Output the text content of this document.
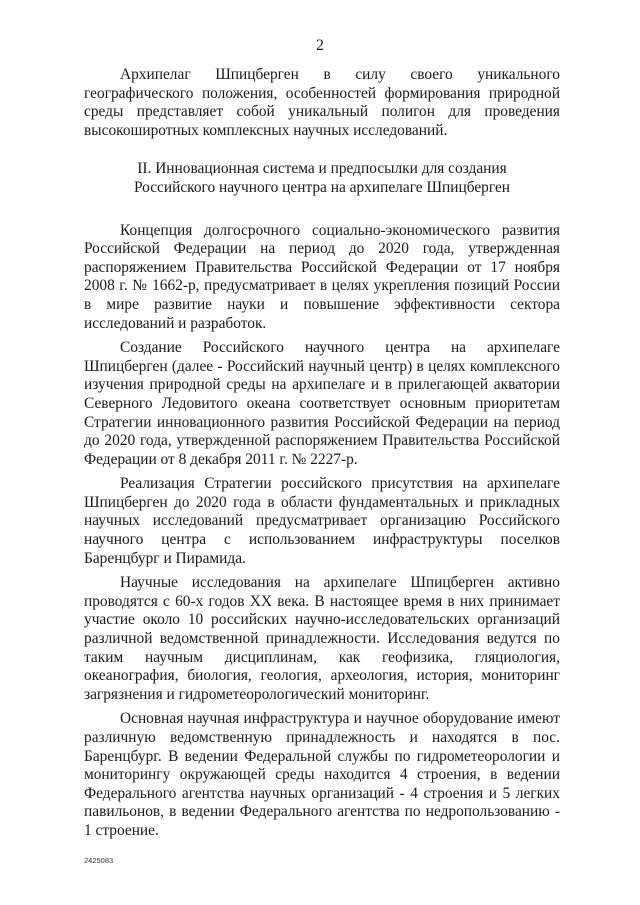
2

Архипелаг Шпицберген в силу своего уникального географического положения, особенностей формирования природной среды представляет собой уникальный полигон для проведения высокоширотных комплексных научных исследований.

II. Инновационная система и предпосылки для создания
Российского научного центра на архипелаге Шпицберген

Концепция долгосрочного социально-экономического развития Российской Федерации на период до 2020 года, утвержденная распоряжением Правительства Российской Федерации от 17 ноября 2008 г. № 1662-р, предусматривает в целях укрепления позиций России в мире развитие науки и повышение эффективности сектора исследований и разработок.

Создание Российского научного центра на архипелаге Шпицберген (далее - Российский научный центр) в целях комплексного изучения природной среды на архипелаге и в прилегающей акватории Северного Ледовитого океана соответствует основным приоритетам Стратегии инновационного развития Российской Федерации на период до 2020 года, утвержденной распоряжением Правительства Российской Федерации от 8 декабря 2011 г. № 2227-р.

Реализация Стратегии российского присутствия на архипелаге Шпицберген до 2020 года в области фундаментальных и прикладных научных исследований предусматривает организацию Российского научного центра с использованием инфраструктуры поселков Баренцбург и Пирамида.

Научные исследования на архипелаге Шпицберген активно проводятся с 60-х годов XX века. В настоящее время в них принимает участие около 10 российских научно-исследовательских организаций различной ведомственной принадлежности. Исследования ведутся по таким научным дисциплинам, как геофизика, гляциология, океанография, биология, геология, археология, история, мониторинг загрязнения и гидрометеорологический мониторинг.

Основная научная инфраструктура и научное оборудование имеют различную ведомственную принадлежность и находятся в пос. Баренцбург. В ведении Федеральной службы по гидрометеорологии и мониторингу окружающей среды находится 4 строения, в ведении Федерального агентства научных организаций - 4 строения и 5 легких павильонов, в ведении Федерального агентства по недропользованию - 1 строение.

2425083
